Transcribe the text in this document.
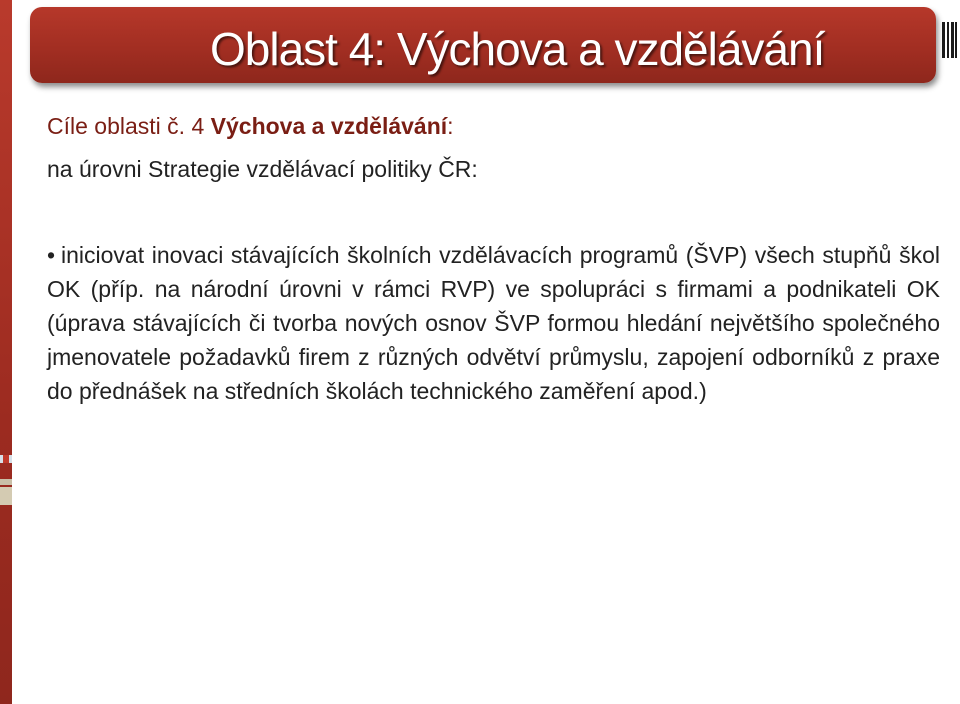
Oblast 4: Výchova a vzdělávání
Cíle oblasti č. 4 Výchova a vzdělávání:
na úrovni Strategie vzdělávací politiky ČR:
• iniciovat inovaci stávajících školních vzdělávacích programů (ŠVP) všech stupňů škol OK (příp. na národní úrovni v rámci RVP) ve spolupráci s firmami a podnikateli OK (úprava stávajících či tvorba nových osnov ŠVP formou hledání největšího společného jmenovatele požadavků firem z různých odvětví průmyslu, zapojení odborníků z praxe do přednášek na středních školách technického zaměření apod.)
